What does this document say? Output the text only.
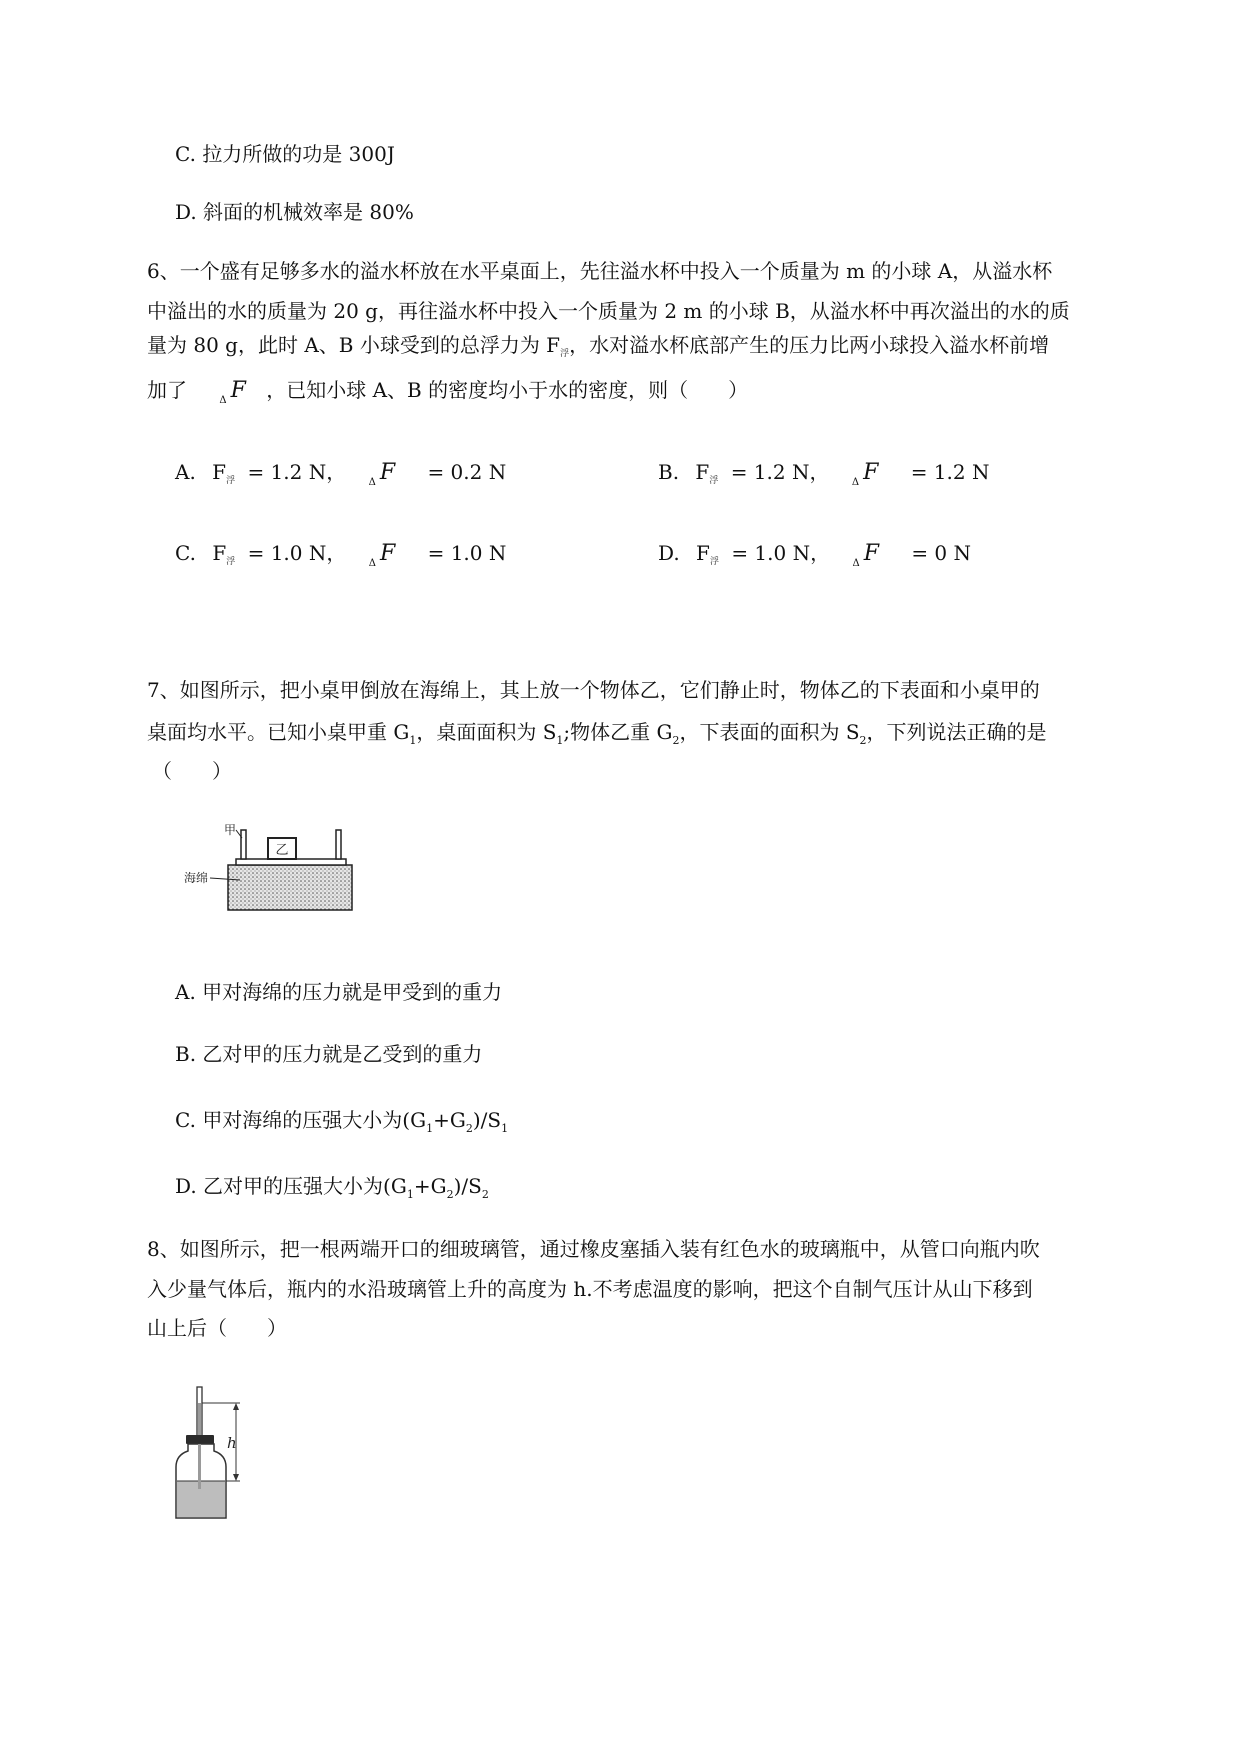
C. 拉力所做的功是 300J
D. 斜面的机械效率是 80%
6、一个盛有足够多水的溢水杯放在水平桌面上，先往溢水杯中投入一个质量为 m 的小球 A，从溢水杯
中溢出的水的质量为 20 g，再往溢水杯中投入一个质量为 2 m 的小球 B，从溢水杯中再次溢出的水的质
量为 80 g，此时 A、B 小球受到的总浮力为 $F_浮$，水对溢水杯底部产生的压力比两小球投入溢水杯前增
加了	$_\Delta$ F ，已知小球 A、B 的密度均小于水的密度，则（　　）
A. $F_浮 = 1.2$ N， $_\Delta$ F = 0.2 N	B. $F_浮 = 1.2$ N， $_\Delta$ F = 1.2 N
C. $F_浮 = 1.0$ N， $_\Delta$ F = 1.0 N	D. $F_浮 = 1.0$ N， $_\Delta$ F = 0 N
7、如图所示，把小桌甲倒放在海绵上，其上放一个物体乙，它们静止时，物体乙的下表面和小桌甲的
桌面均水平。已知小桌甲重 $G_1$，桌面面积为 $S_1$;物体乙重 $G_2$，下表面的面积为 $S_2$，下列说法正确的是
（　　）
乙
甲
海绵
A. 甲对海绵的压力就是甲受到的重力
B. 乙对甲的压力就是乙受到的重力
C. 甲对海绵的压强大小为$(G_1+G_2)/S_1$
D. 乙对甲的压强大小为$(G_1+G_2)/S_2$
8、如图所示，把一根两端开口的细玻璃管，通过橡皮塞插入装有红色水的玻璃瓶中，从管口向瓶内吹
入少量气体后，瓶内的水沿玻璃管上升的高度为 h.不考虑温度的影响，把这个自制气压计从山下移到
山上后（　　）
h
